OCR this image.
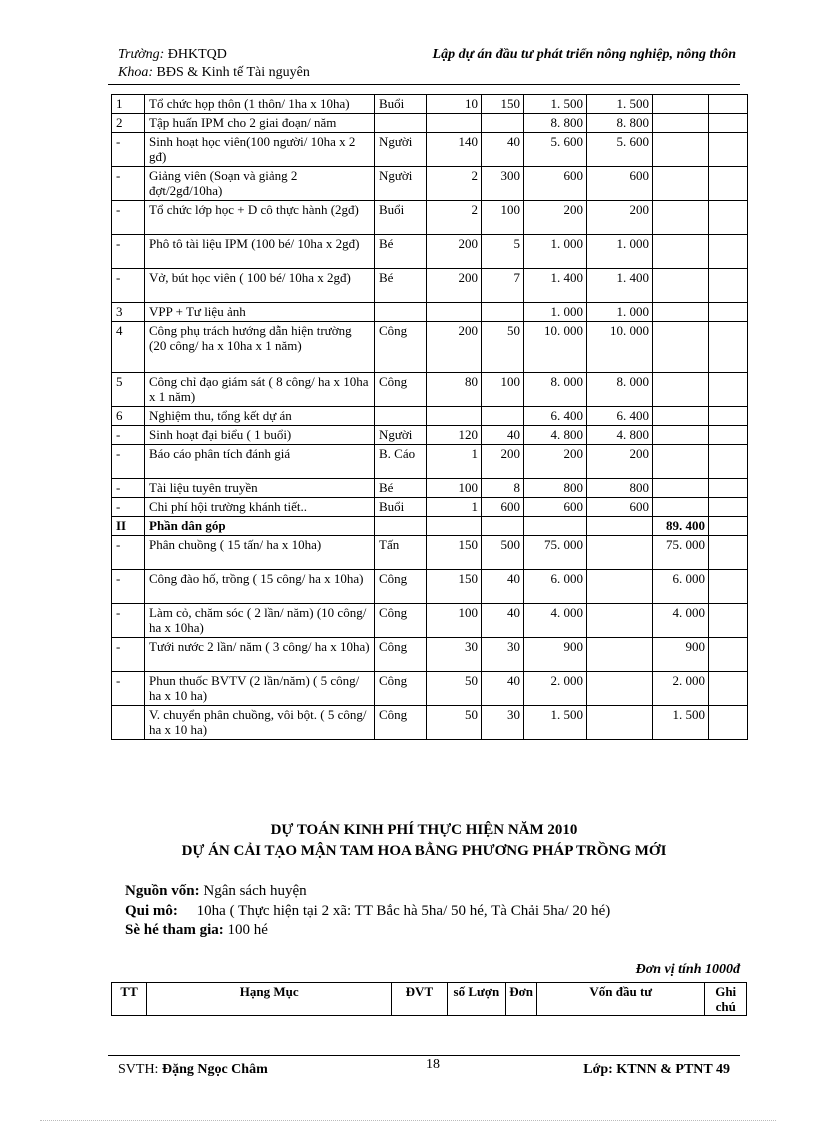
Trường: ĐHKTQD
Khoa: BĐS & Kinh tế Tài nguyên
Lập dự án đầu tư phát triển nông nghiệp, nông thôn
1	Tổ chức họp thôn (1 thôn/ 1ha x 10ha)	Buổi	10	150	1. 500	1. 500		
2	Tập huấn IPM cho 2 giai đoạn/ năm				8. 800	8. 800		
-	Sinh hoạt học viên(100 người/ 10ha x 2 gđ)	Người	140	40	5. 600	5. 600		
-	Giảng viên (Soạn và giảng 2 đợt/2gđ/10ha)	Người	2	300	600	600		
-	Tổ chức lớp học + D cô thực hành (2gđ)	Buổi	2	100	200	200		
-	Phô tô tài liệu IPM (100 bé/ 10ha x 2gđ)	Bé	200	5	1. 000	1. 000		
-	Vở, bút học viên ( 100 bé/ 10ha x 2gđ)	Bé	200	7	1. 400	1. 400		
3	VPP + Tư liệu ảnh				1. 000	1. 000		
4	Công phụ trách hướng dẫn hiện trường (20 công/ ha x 10ha x 1 năm)	Công	200	50	10. 000	10. 000		
5	Công chỉ đạo giám sát ( 8 công/ ha x 10ha x 1 năm)	Công	80	100	8. 000	8. 000		
6	Nghiệm thu, tổng kết dự án				6. 400	6. 400		
-	Sinh hoạt đại biểu ( 1 buổi)	Người	120	40	4. 800	4. 800		
-	Báo cáo phân tích đánh giá	B. Cáo	1	200	200	200		
-	Tài liệu tuyên truyền	Bé	100	8	800	800		
-	Chi phí hội trường khánh tiết..	Buổi	1	600	600	600		
II	Phần dân góp						89. 400	
-	Phân chuồng ( 15 tấn/ ha x 10ha)	Tấn	150	500	75. 000		75. 000	
-	Công đào hố, trồng ( 15 công/ ha x 10ha)	Công	150	40	6. 000		6. 000	
-	Làm cỏ, chăm sóc ( 2 lần/ năm) (10 công/ ha x 10ha)	Công	100	40	4. 000		4. 000	
-	Tưới nước 2 lần/ năm ( 3 công/ ha x 10ha)	Công	30	30	900		900	
-	Phun thuốc BVTV (2 lần/năm) ( 5 công/ ha x 10 ha)	Công	50	40	2. 000		2. 000	
	V. chuyển phân chuồng, vôi bột. ( 5 công/ ha x 10 ha)	Công	50	30	1. 500		1. 500	
DỰ TOÁN KINH PHÍ THỰC HIỆN NĂM 2010
DỰ ÁN CẢI TẠO MẬN TAM HOA BẰNG PHƯƠNG PHÁP TRỒNG MỚI
Nguồn vốn: Ngân sách huyện
Qui mô: 10ha ( Thực hiện tại 2 xã: TT Bắc hà 5ha/ 50 hé, Tà Chải 5ha/ 20 hé)
Sè hé tham gia: 100 hé
Đơn vị tính 1000đ
TT	Hạng Mục	ĐVT	số Lượn	Đơn	Vốn đầu tư	Ghi chú
SVTH: Đặng Ngọc Châm	18	Lớp: KTNN & PTNT 49
